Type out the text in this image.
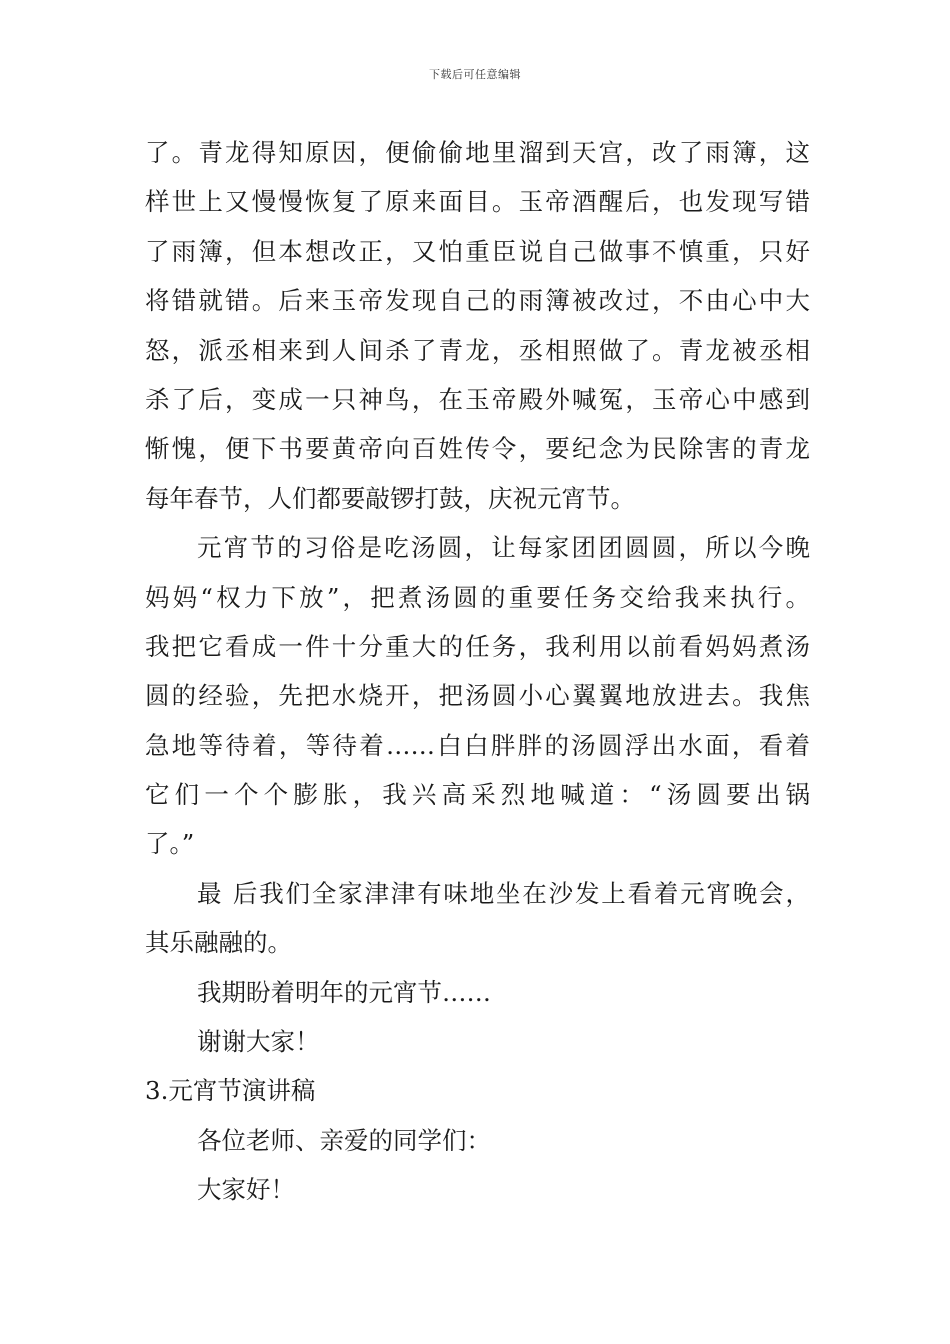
下载后可任意编辑
了。青龙得知原因，便偷偷地里溜到天宫，改了雨簿，这
样世上又慢慢恢复了原来面目。玉帝酒醒后，也发现写错
了雨簿，但本想改正，又怕重臣说自己做事不慎重，只好
将错就错。后来玉帝发现自己的雨簿被改过，不由心中大
怒，派丞相来到人间杀了青龙，丞相照做了。青龙被丞相
杀了后，变成一只神鸟，在玉帝殿外喊冤，玉帝心中感到
惭愧，便下书要黄帝向百姓传令，要纪念为民除害的青龙
每年春节，人们都要敲锣打鼓，庆祝元宵节。
元宵节的习俗是吃汤圆，让每家团团圆圆，所以今晚
妈妈“权力下放”，把煮汤圆的重要任务交给我来执行。
我把它看成一件十分重大的任务，我利用以前看妈妈煮汤
圆的经验，先把水烧开，把汤圆小心翼翼地放进去。我焦
急地等待着，等待着……白白胖胖的汤圆浮出水面，看着
它们一个个膨胀，我兴高采烈地喊道：“汤圆要出锅
了。”
最 后我们全家津津有味地坐在沙发上看着元宵晚会，
其乐融融的。
我期盼着明年的元宵节……
谢谢大家！
3.元宵节演讲稿
各位老师、亲爱的同学们：
大家好！
